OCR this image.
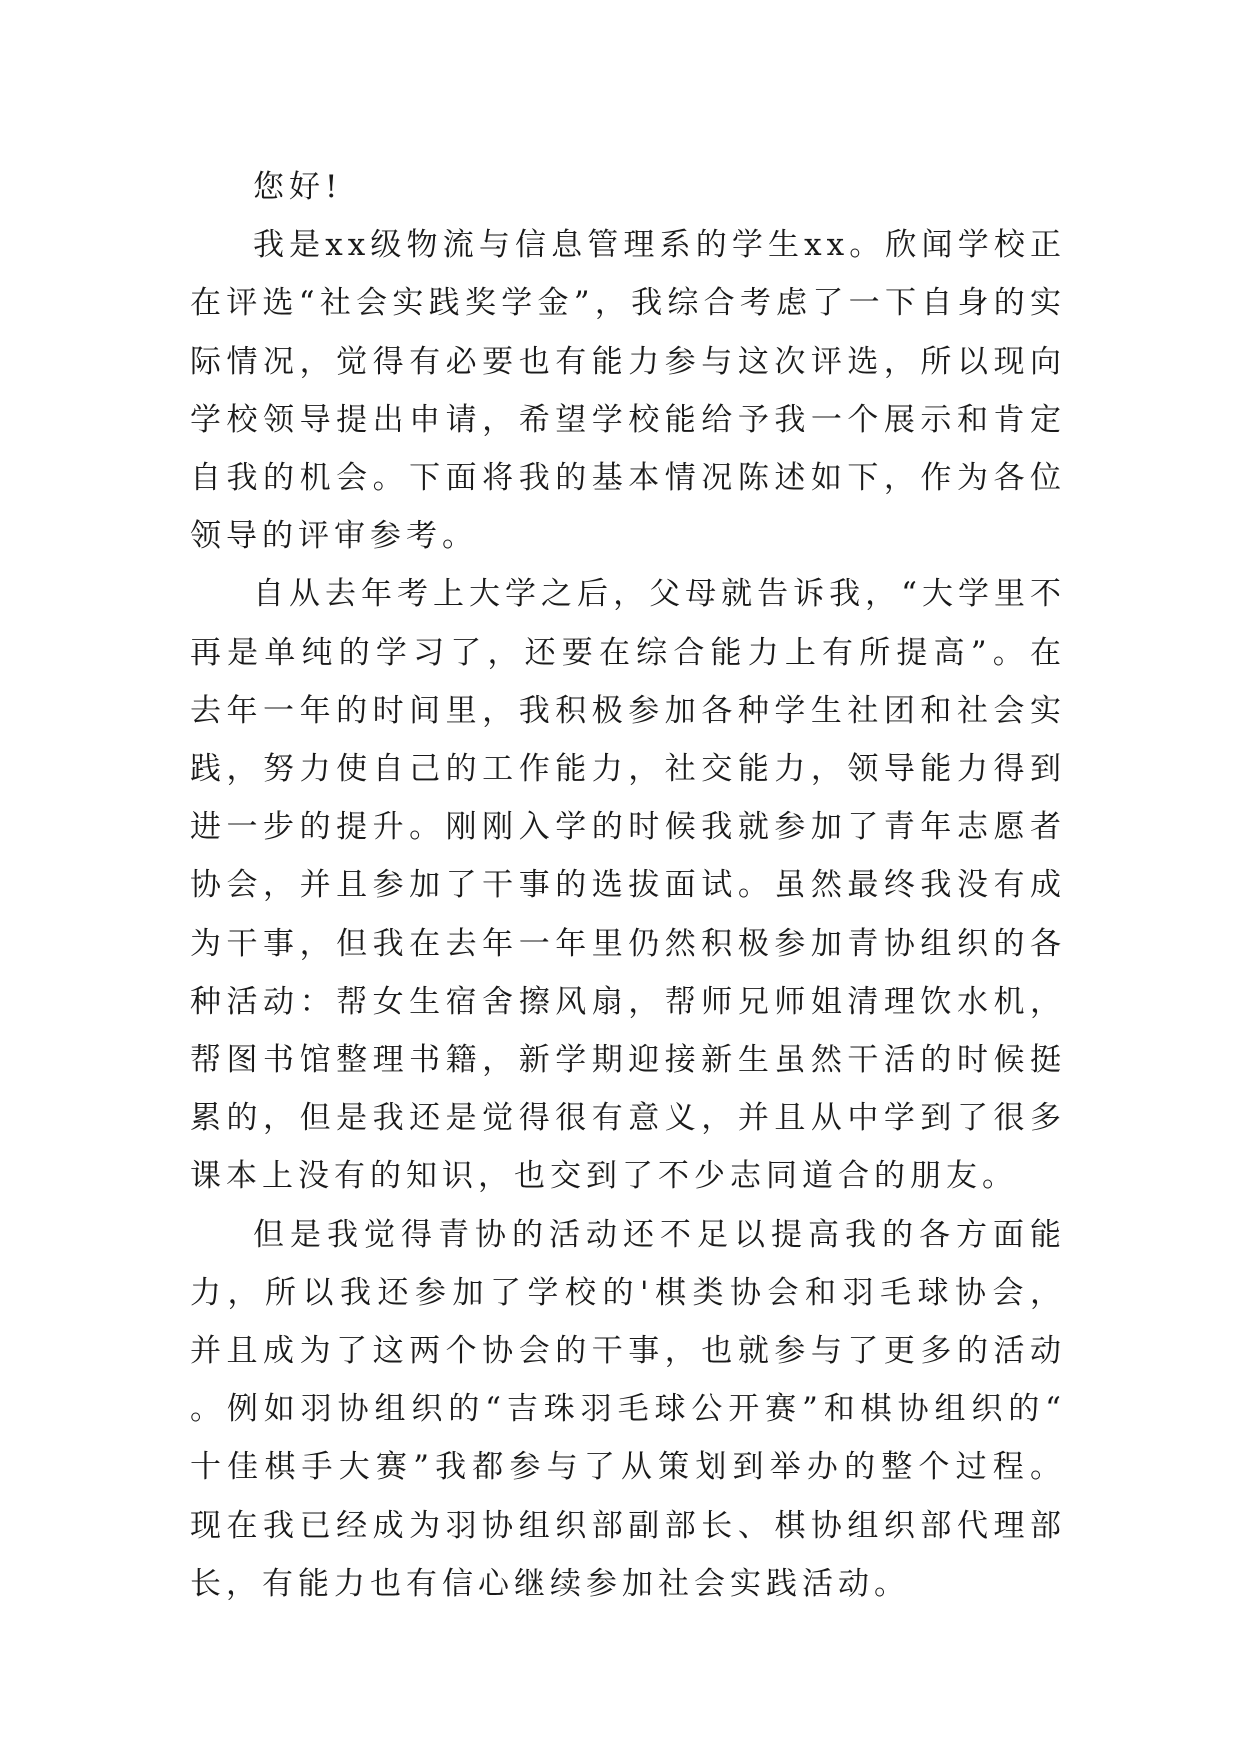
您好!

我是xx级物流与信息管理系的学生xx。欣闻学校正在评选“社会实践奖学金”，我综合考虑了一下自身的实际情况，觉得有必要也有能力参与这次评选，所以现向学校领导提出申请，希望学校能给予我一个展示和肯定自我的机会。下面将我的基本情况陈述如下，作为各位领导的评审参考。

自从去年考上大学之后，父母就告诉我，“大学里不再是单纯的学习了，还要在综合能力上有所提高”。在去年一年的时间里，我积极参加各种学生社团和社会实践，努力使自己的工作能力，社交能力，领导能力得到进一步的提升。刚刚入学的时候我就参加了青年志愿者协会，并且参加了干事的选拔面试。虽然最终我没有成为干事，但我在去年一年里仍然积极参加青协组织的各种活动：帮女生宿舍擦风扇，帮师兄师姐清理饮水机，帮图书馆整理书籍，新学期迎接新生虽然干活的时候挺累的，但是我还是觉得很有意义，并且从中学到了很多课本上没有的知识，也交到了不少志同道合的朋友。

但是我觉得青协的活动还不足以提高我的各方面能力，所以我还参加了学校的'棋类协会和羽毛球协会，并且成为了这两个协会的干事，也就参与了更多的活动。例如羽协组织的“吉珠羽毛球公开赛”和棋协组织的“十佳棋手大赛”我都参与了从策划到举办的整个过程。现在我已经成为羽协组织部副部长、棋协组织部代理部长，有能力也有信心继续参加社会实践活动。
